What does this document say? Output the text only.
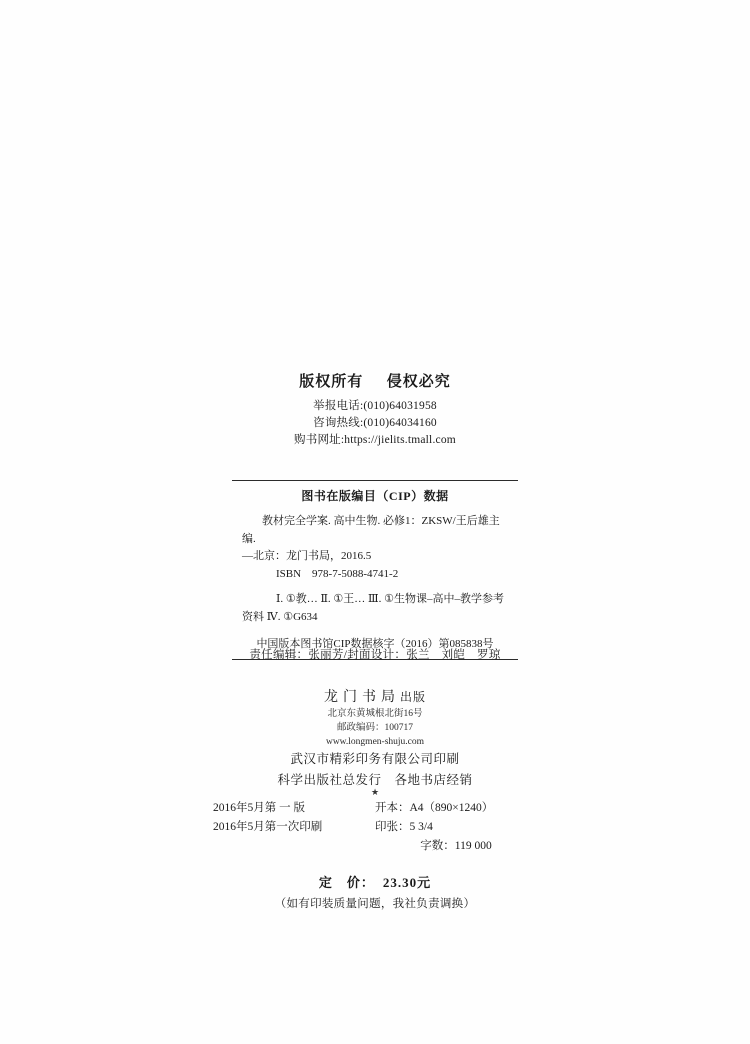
版权所有 侵权必究
举报电话:(010)64031958
咨询热线:(010)64034160
购书网址:https://jielits.tmall.com
图书在版编目（CIP）数据
教材完全学案. 高中生物. 必修1：ZKSW/王后雄主编.
—北京：龙门书局，2016.5
ISBN　978-7-5088-4741-2
Ⅰ. ①教… Ⅱ. ①王… Ⅲ. ①生物课–高中–教学参考
资料 Ⅳ. ①G634
中国版本图书馆CIP数据核字（2016）第085838号
责任编辑：张丽芳/封面设计：张兰　刘皑　罗琼
龙门书局出版
北京东黄城根北街16号
邮政编码：100717
www.longmen-shuju.com
武汉市精彩印务有限公司印刷
科学出版社总发行　各地书店经销
★
2016年5月第 一 版	开本：A4（890×1240）
2016年5月第一次印刷	印张：5 3/4
字数：119 000
定　价： 23.30元
（如有印装质量问题，我社负责调换）
